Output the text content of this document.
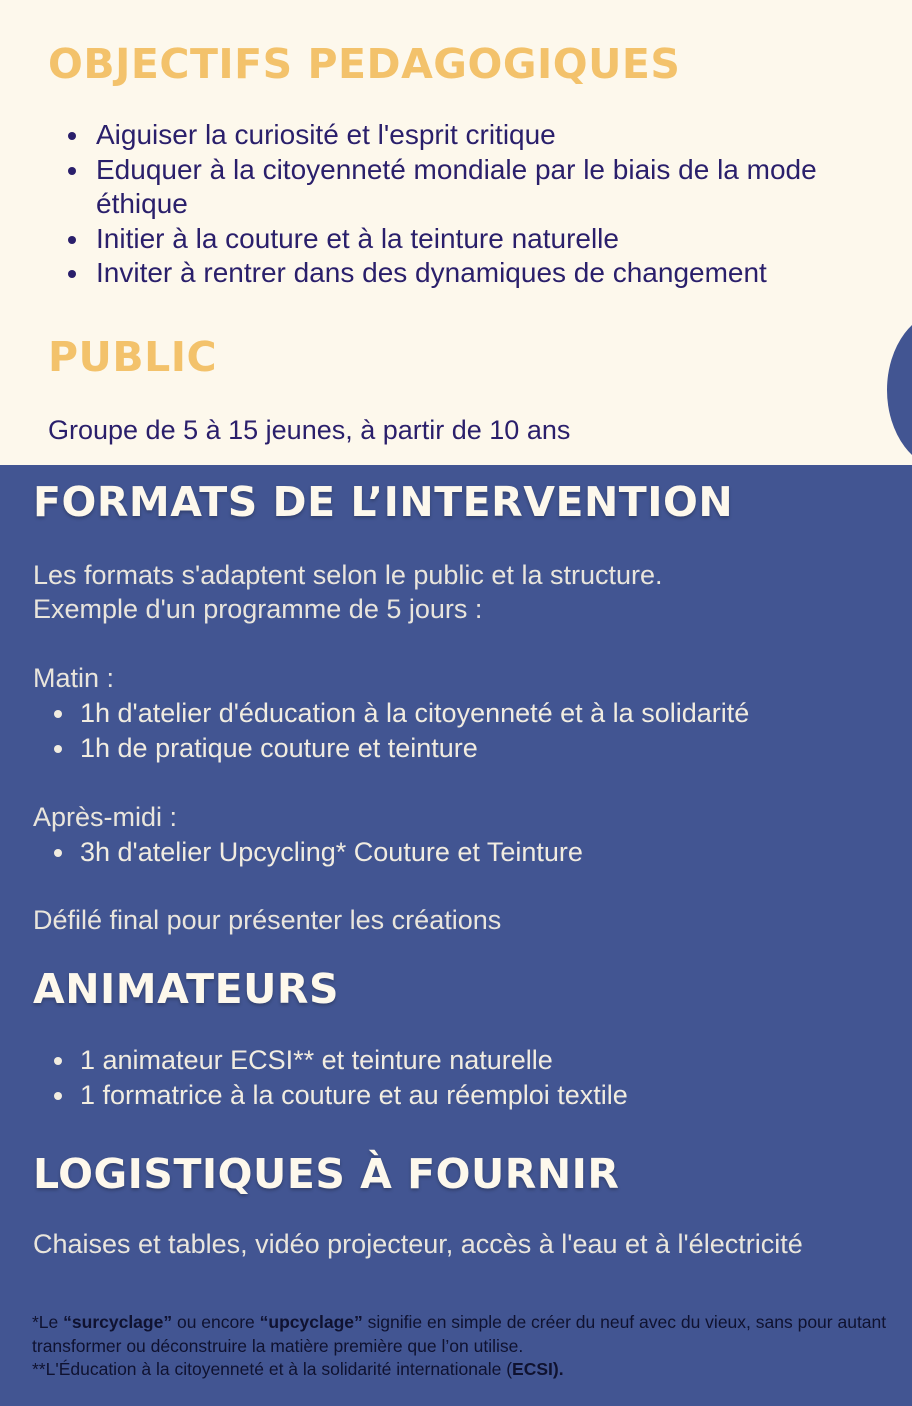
OBJECTIFS PEDAGOGIQUES
Aiguiser la curiosité et l'esprit critique
Eduquer à la citoyenneté mondiale par le biais de la mode éthique
Initier à la couture et à la teinture naturelle
Inviter à rentrer dans des dynamiques de changement
PUBLIC

Groupe de 5 à 15 jeunes, à partir de 10 ans

FORMATS DE L’INTERVENTION

Les formats s'adaptent selon le public et la structure.

Exemple d'un programme de 5 jours :

Matin :

1h d'atelier d'éducation à la citoyenneté et à la solidarité
1h de pratique couture et teinture

Après-midi :

3h d'atelier Upcycling* Couture et Teinture

Défilé final pour présenter les créations

ANIMATEURS
1 animateur ECSI** et teinture naturelle
1 formatrice à la couture et au réemploi textile
LOGISTIQUES À FOURNIR

Chaises et tables, vidéo projecteur, accès à l'eau et à l'électricité

*Le “surcyclage” ou encore “upcyclage” signifie en simple de créer du neuf avec du vieux, sans pour autant transformer ou déconstruire la matière première que l’on utilise.
**L'Éducation à la citoyenneté et à la solidarité internationale (ECSI).
